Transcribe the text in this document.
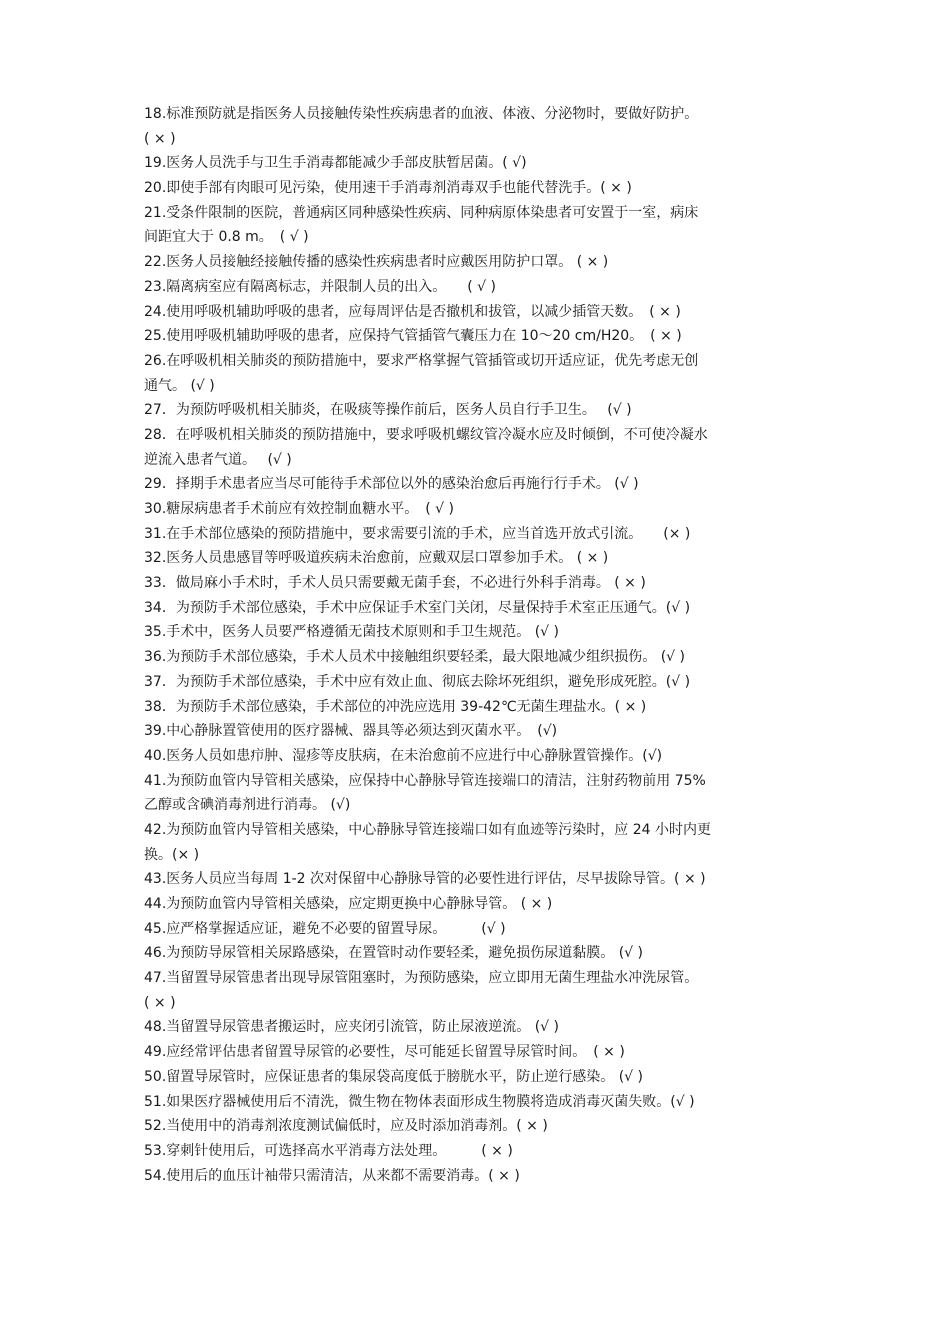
18.标准预防就是指医务人员接触传染性疾病患者的血液、体液、分泌物时，要做好防护。
( × )
19.医务人员洗手与卫生手消毒都能减少手部皮肤暂居菌。( √)
20.即使手部有肉眼可见污染，使用速干手消毒剂消毒双手也能代替洗手。( × )
21.受条件限制的医院，普通病区同种感染性疾病、同种病原体染患者可安置于一室，病床
间距宜大于 0.8 m。　( √ )
22.医务人员接触经接触传播的感染性疾病患者时应戴医用防护口罩。 ( × )
23.隔离病室应有隔离标志，并限制人员的出入。　　( √ )
24.使用呼吸机辅助呼吸的患者，应每周评估是否撤机和拔管，以减少插管天数。　( × )
25.使用呼吸机辅助呼吸的患者，应保持气管插管气囊压力在 10～20 cm/H20。　( × )
26.在呼吸机相关肺炎的预防措施中，要求严格掌握气管插管或切开适应证，优先考虑无创
通气。 (√ )
27．为预防呼吸机相关肺炎，在吸痰等操作前后，医务人员自行手卫生。　 (√ )
28．在呼吸机相关肺炎的预防措施中，要求呼吸机螺纹管冷凝水应及时倾倒，不可使冷凝水
逆流入患者气道。　 (√ )
29．择期手术患者应当尽可能待手术部位以外的感染治愈后再施行行手术。 (√ )
30.糖尿病患者手术前应有效控制血糖水平。　( √ )
31.在手术部位感染的预防措施中，要求需要引流的手术，应当首选开放式引流。　　(× )
32.医务人员患感冒等呼吸道疾病未治愈前，应戴双层口罩参加手术。 ( × )
33．做局麻小手术时，手术人员只需要戴无菌手套，不必进行外科手消毒。 ( × )
34．为预防手术部位感染，手术中应保证手术室门关闭，尽量保持手术室正压通气。(√ )
35.手术中，医务人员要严格遵循无菌技术原则和手卫生规范。 (√ )
36.为预防手术部位感染，手术人员术中接触组织要轻柔，最大限地减少组织损伤。 (√ )
37．为预防手术部位感染，手术中应有效止血、彻底去除坏死组织，避免形成死腔。(√ )
38．为预防手术部位感染，手术部位的冲洗应选用 39-42℃无菌生理盐水。( × )
39.中心静脉置管使用的医疗器械、器具等必须达到灭菌水平。　(√)
40.医务人员如患疖肿、湿疹等皮肤病，在未治愈前不应进行中心静脉置管操作。(√)
41.为预防血管内导管相关感染，应保持中心静脉导管连接端口的清洁，注射药物前用 75%
乙醇或含碘消毒剂进行消毒。 (√)
42.为预防血管内导管相关感染，中心静脉导管连接端口如有血迹等污染时，应 24 小时内更
换。(× )
43.医务人员应当每周 1-2 次对保留中心静脉导管的必要性进行评估，尽早拔除导管。( × )
44.为预防血管内导管相关感染，应定期更换中心静脉导管。 ( × )
45.应严格掌握适应证，避免不必要的留置导尿。　　　(√ )
46.为预防导尿管相关尿路感染，在置管时动作要轻柔，避免损伤尿道黏膜。 (√ )
47.当留置导尿管患者出现导尿管阻塞时，为预防感染，应立即用无菌生理盐水冲洗尿管。
( × )
48.当留置导尿管患者搬运时，应夹闭引流管，防止尿液逆流。 (√ )
49.应经常评估患者留置导尿管的必要性，尽可能延长留置导尿管时间。　( × )
50.留置导尿管时，应保证患者的集尿袋高度低于膀胱水平，防止逆行感染。 (√ )
51.如果医疗器械使用后不清洗，微生物在物体表面形成生物膜将造成消毒灭菌失败。(√ )
52.当使用中的消毒剂浓度测试偏低时，应及时添加消毒剂。( × )
53.穿刺针使用后，可选择高水平消毒方法处理。　　　( × )
54.使用后的血压计袖带只需清洁，从来都不需要消毒。( × )
